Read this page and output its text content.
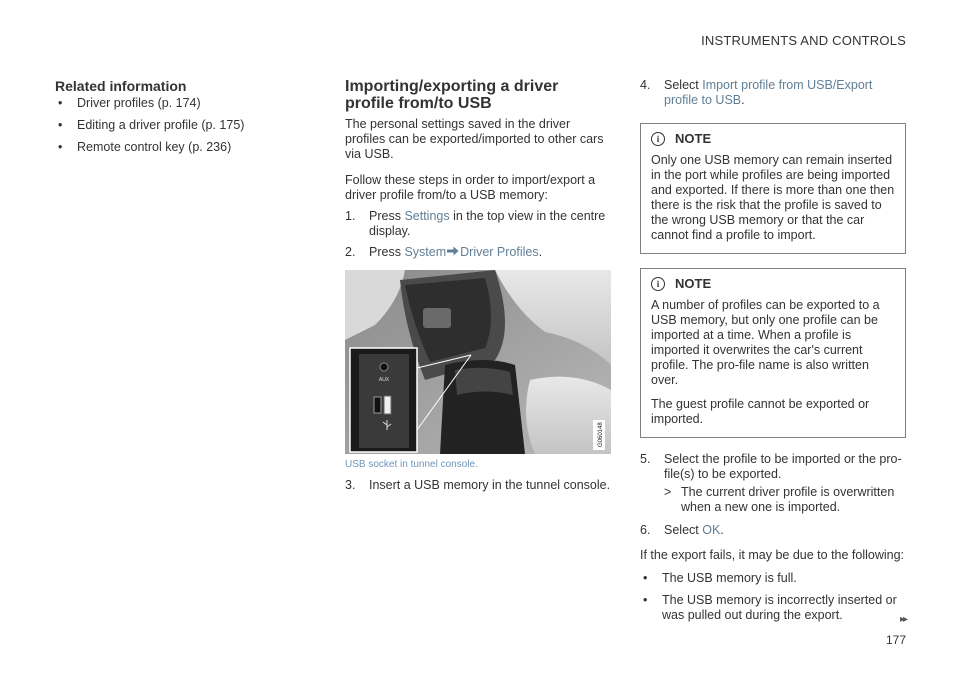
INSTRUMENTS AND CONTROLS
Related information
• Driver profiles (p. 174)
• Editing a driver profile (p. 175)
• Remote control key (p. 236)
Importing/exporting a driver profile from/to USB

The personal settings saved in the driver profiles can be exported/imported to other cars via USB.

Follow these steps in order to import/export a driver profile from/to a USB memory:

1. Press Settings in the top view in the centre display.
2. Press System Driver Profiles.
AUX
G060148
USB socket in tunnel console.
3. Insert a USB memory in the tunnel console.
4. Select Import profile from USB/Export profile to USB.
i	NOTE

Only one USB memory can remain inserted in the port while profiles are being imported and exported. If there is more than one then there is the risk that the profile is saved to the wrong USB memory or that the car cannot find a profile to import.

i	NOTE

A number of profiles can be exported to a USB memory, but only one profile can be imported at a time. When a profile is imported it overwrites the car's current profile. The pro-file name is also written over.

The guest profile cannot be exported or imported.

5. Select the profile to be imported or the pro-file(s) to be exported.
> The current driver profile is overwritten when a new one is imported.
6. Select OK.

If the export fails, it may be due to the following:

• The USB memory is full.
• The USB memory is incorrectly inserted or was pulled out during the export.	▸▸
177
